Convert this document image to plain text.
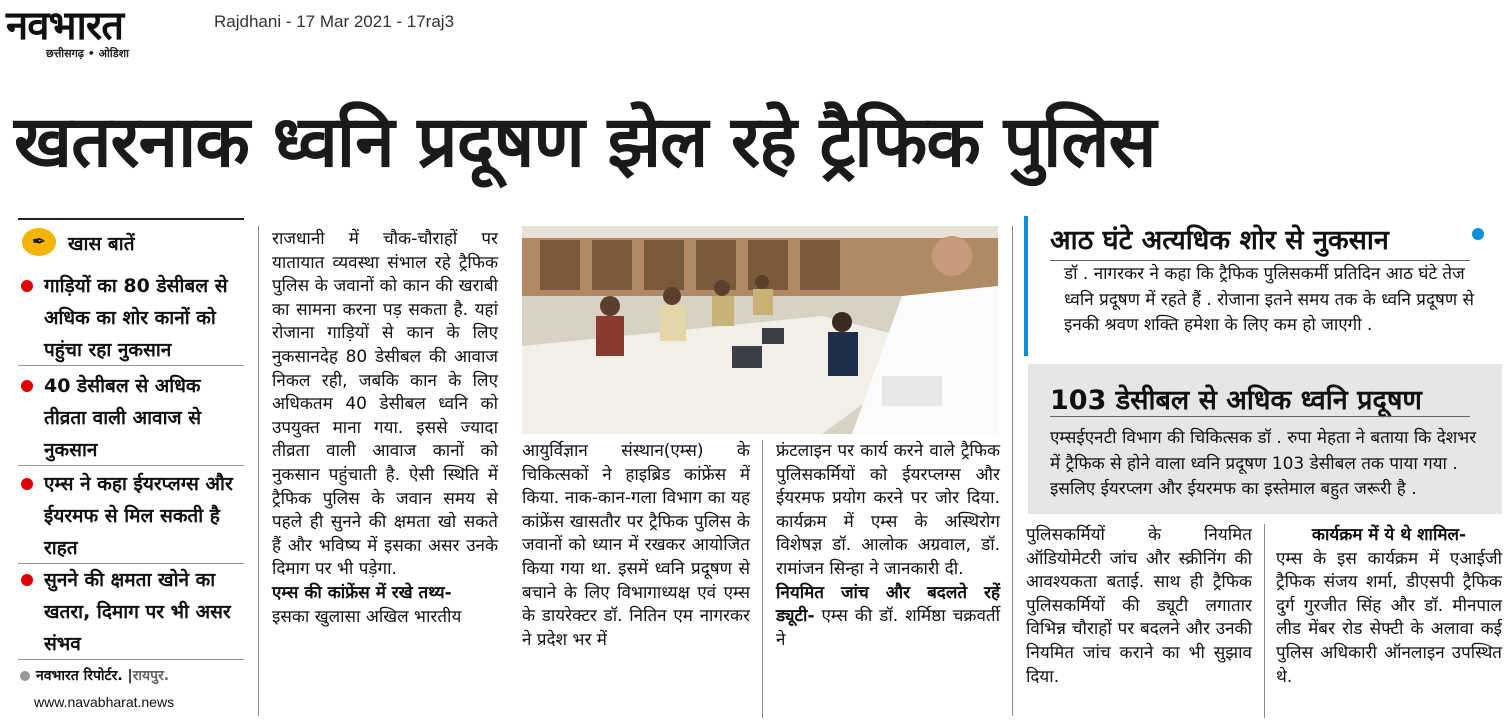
नवभारत
छत्तीसगढ़ • ओडिशा
Rajdhani - 17 Mar 2021 - 17raj3
खतरनाक ध्वनि प्रदूषण झेल रहे ट्रैफिक पुलिस
✒	खास बातें
गाड़ियों का 80 डेसीबल से अधिक का शोर कानों को पहुंचा रहा नुकसान
40 डेसीबल से अधिक तीव्रता वाली आवाज से नुकसान
एम्स ने कहा ईयरप्लग्स और ईयरमफ से मिल सकती है राहत
सुनने की क्षमता खोने का खतरा, दिमाग पर भी असर संभव
नवभारत रिपोर्टर. |रायपुर.
www.navabharat.news

राजधानी में चौक-चौराहों पर यातायात व्यवस्था संभाल रहे ट्रैफिक पुलिस के जवानों को कान की खराबी का सामना करना पड़ सकता है. यहां रोजाना गाड़ियों से कान के लिए नुकसानदेह 80 डेसीबल की आवाज निकल रही, जबकि कान के लिए अधिकतम 40 डेसीबल ध्वनि को उपयुक्त माना गया. इससे ज्यादा तीव्रता वाली आवाज कानों को नुकसान पहुंचाती है. ऐसी स्थिति में ट्रैफिक पुलिस के जवान समय से पहले ही सुनने की क्षमता खो सकते हैं और भविष्य में इसका असर उनके दिमाग पर भी पड़ेगा.

एम्स की कांफ्रेंस में रखे तथ्य-

इसका खुलासा अखिल भारतीय

आयुर्विज्ञान संस्थान(एम्स) के चिकित्सकों ने हाइब्रिड कांफ्रेंस में किया. नाक-कान-गला विभाग का यह कांफ्रेंस खासतौर पर ट्रैफिक पुलिस के जवानों को ध्यान में रखकर आयोजित किया गया था. इसमें ध्वनि प्रदूषण से बचाने के लिए विभागाध्यक्ष एवं एम्स के डायरेक्टर डॉ. नितिन एम नागरकर ने प्रदेश भर में

फ्रंटलाइन पर कार्य करने वाले ट्रैफिक पुलिसकर्मियों को ईयरप्लग्स और ईयरमफ प्रयोग करने पर जोर दिया. कार्यक्रम में एम्स के अस्थिरोग विशेषज्ञ डॉ. आलोक अग्रवाल, डॉ. रामांजन सिन्हा ने जानकारी दी.

नियमित जांच और बदलते रहें ड्यूटी- एम्स की डॉ. शर्मिष्ठा चक्रवर्ती ने

आठ घंटे अत्यधिक शोर से नुकसान
डॉ . नागरकर ने कहा कि ट्रैफिक पुलिसकर्मी प्रतिदिन आठ घंटे तेज ध्वनि प्रदूषण में रहते हैं . रोजाना इतने समय तक के ध्वनि प्रदूषण से इनकी श्रवण शक्ति हमेशा के लिए कम हो जाएगी .
103 डेसीबल से अधिक ध्वनि प्रदूषण
एम्सईएनटी विभाग की चिकित्सक डॉ . रुपा मेहता ने बताया कि देशभर में ट्रैफिक से होने वाला ध्वनि प्रदूषण 103 डेसीबल तक पाया गया . इसलिए ईयरप्लग और ईयरमफ का इस्तेमाल बहुत जरूरी है .

पुलिसकर्मियों के नियमित ऑडियोमेटरी जांच और स्क्रीनिंग की आवश्यकता बताई. साथ ही ट्रैफिक पुलिसकर्मियों की ड्यूटी लगातार विभिन्न चौराहों पर बदलने और उनकी नियमित जांच कराने का भी सुझाव दिया.

कार्यक्रम में ये थे शामिल-

एम्स के इस कार्यक्रम में एआईजी ट्रैफिक संजय शर्मा, डीएसपी ट्रैफिक दुर्ग गुरजीत सिंह और डॉ. मीनपाल लीड मेंबर रोड सेफ्टी के अलावा कई पुलिस अधिकारी ऑनलाइन उपस्थित थे.
